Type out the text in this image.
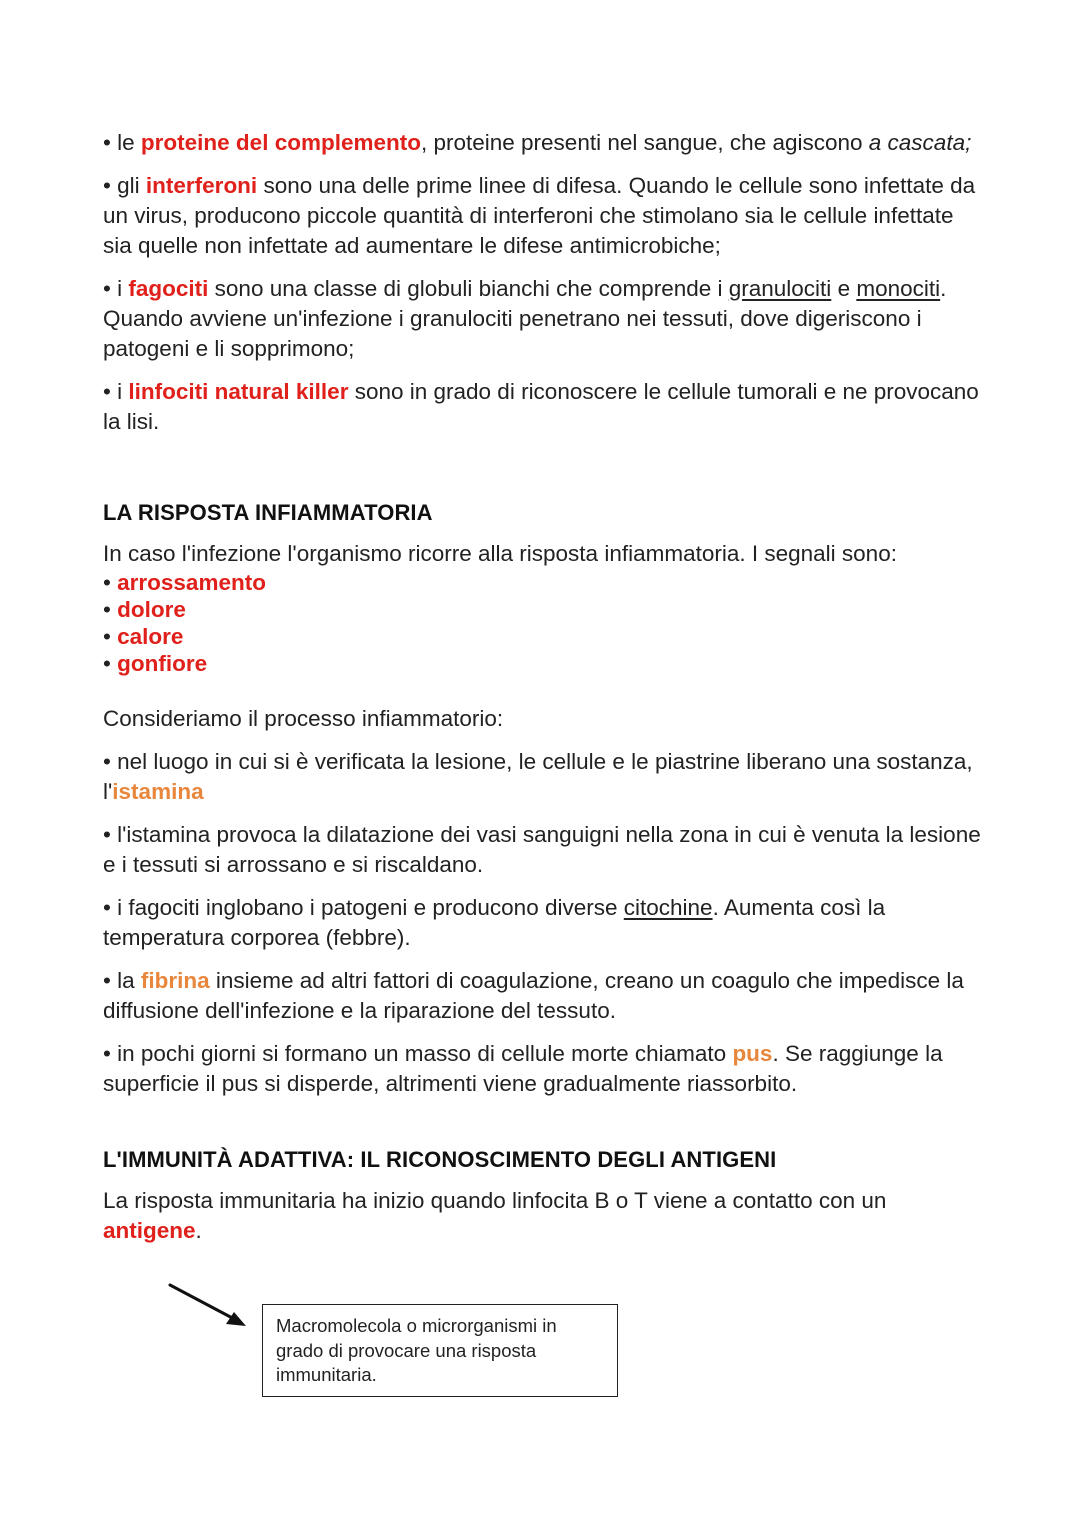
• le proteine del complemento, proteine presenti nel sangue, che agiscono a cascata;

• gli interferoni sono una delle prime linee di difesa. Quando le cellule sono infettate da un virus, producono piccole quantità di interferoni che stimolano sia le cellule infettate sia quelle non infettate ad aumentare le difese antimicrobiche;

• i fagociti sono una classe di globuli bianchi che comprende i granulociti e monociti. Quando avviene un'infezione i granulociti penetrano nei tessuti, dove digeriscono i patogeni e li sopprimono;

• i linfociti natural killer sono in grado di riconoscere le cellule tumorali e ne provocano la lisi.

LA RISPOSTA INFIAMMATORIA

In caso l'infezione l'organismo ricorre alla risposta infiammatoria. I segnali sono:

• arrossamento
• dolore
• calore
• gonfiore

Consideriamo il processo infiammatorio:

• nel luogo in cui si è verificata la lesione, le cellule e le piastrine liberano una sostanza, l'istamina

• l'istamina provoca la dilatazione dei vasi sanguigni nella zona in cui è venuta la lesione e i tessuti si arrossano e si riscaldano.

• i fagociti inglobano i patogeni e producono diverse citochine. Aumenta così la temperatura corporea (febbre).

• la fibrina insieme ad altri fattori di coagulazione, creano un coagulo che impedisce la diffusione dell'infezione e la riparazione del tessuto.

• in pochi giorni si formano un masso di cellule morte chiamato pus. Se raggiunge la superficie il pus si disperde, altrimenti viene gradualmente riassorbito.

L'IMMUNITÀ ADATTIVA: IL RICONOSCIMENTO DEGLI ANTIGENI

La risposta immunitaria ha inizio quando linfocita B o T viene a contatto con un antigene.

Macromolecola o microrganismi in grado di provocare una risposta immunitaria.
